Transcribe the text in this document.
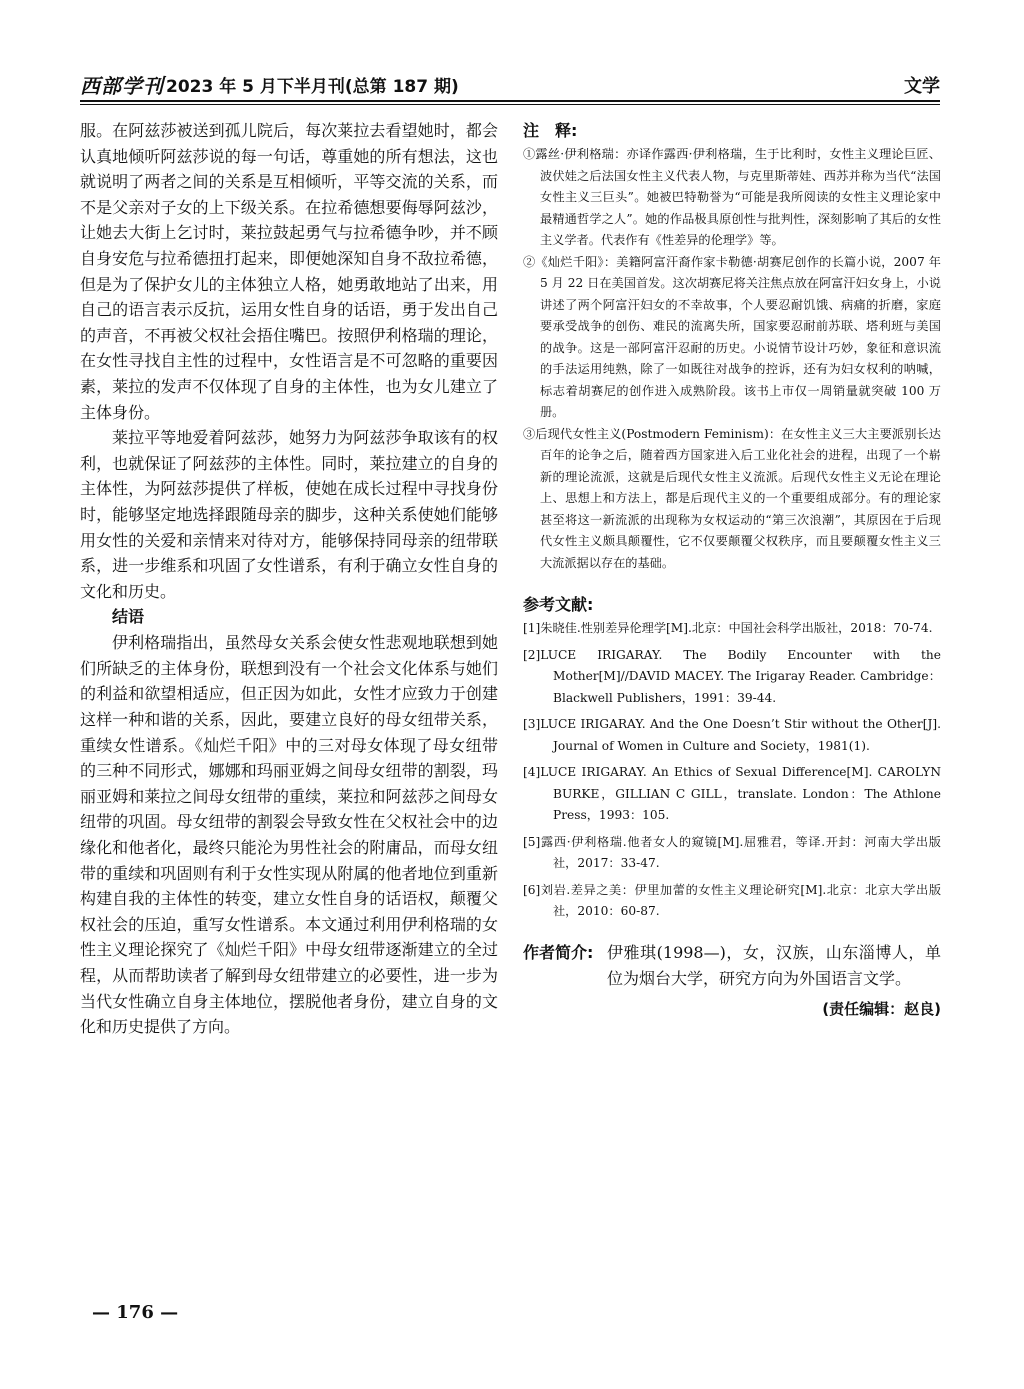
西部学刊 2023 年 5 月下半月刊(总第 187 期)	文学

服。在阿兹莎被送到孤儿院后，每次莱拉去看望她时，都会认真地倾听阿兹莎说的每一句话，尊重她的所有想法，这也就说明了两者之间的关系是互相倾听，平等交流的关系，而不是父亲对子女的上下级关系。在拉希德想要侮辱阿兹沙，让她去大街上乞讨时，莱拉鼓起勇气与拉希德争吵，并不顾自身安危与拉希德扭打起来，即便她深知自身不敌拉希德，但是为了保护女儿的主体独立人格，她勇敢地站了出来，用自己的语言表示反抗，运用女性自身的话语，勇于发出自己的声音，不再被父权社会捂住嘴巴。按照伊利格瑞的理论，在女性寻找自主性的过程中，女性语言是不可忽略的重要因素，莱拉的发声不仅体现了自身的主体性，也为女儿建立了主体身份。

莱拉平等地爱着阿兹莎，她努力为阿兹莎争取该有的权利，也就保证了阿兹莎的主体性。同时，莱拉建立的自身的主体性，为阿兹莎提供了样板，使她在成长过程中寻找身份时，能够坚定地选择跟随母亲的脚步，这种关系使她们能够用女性的关爱和亲情来对待对方，能够保持同母亲的纽带联系，进一步维系和巩固了女性谱系，有利于确立女性自身的文化和历史。

结语

伊利格瑞指出，虽然母女关系会使女性悲观地联想到她们所缺乏的主体身份，联想到没有一个社会文化体系与她们的利益和欲望相适应，但正因为如此，女性才应致力于创建这样一种和谐的关系，因此，要建立良好的母女纽带关系，重续女性谱系。《灿烂千阳》中的三对母女体现了母女纽带的三种不同形式，娜娜和玛丽亚姆之间母女纽带的割裂，玛丽亚姆和莱拉之间母女纽带的重续，莱拉和阿兹莎之间母女纽带的巩固。母女纽带的割裂会导致女性在父权社会中的边缘化和他者化，最终只能沦为男性社会的附庸品，而母女纽带的重续和巩固则有利于女性实现从附属的他者地位到重新构建自我的主体性的转变，建立女性自身的话语权，颠覆父权社会的压迫，重写女性谱系。本文通过利用伊利格瑞的女性主义理论探究了《灿烂千阳》中母女纽带逐渐建立的全过程，从而帮助读者了解到母女纽带建立的必要性，进一步为当代女性确立自身主体地位，摆脱他者身份，建立自身的文化和历史提供了方向。

注　释:

①露丝·伊利格瑞：亦译作露西·伊利格瑞，生于比利时，女性主义理论巨匠、波伏娃之后法国女性主义代表人物，与克里斯蒂娃、西苏并称为当代“法国女性主义三巨头”。她被巴特勒誉为“可能是我所阅读的女性主义理论家中最精通哲学之人”。她的作品极具原创性与批判性，深刻影响了其后的女性主义学者。代表作有《性差异的伦理学》等。

②《灿烂千阳》：美籍阿富汗裔作家卡勒德·胡赛尼创作的长篇小说，2007 年 5 月 22 日在美国首发。这次胡赛尼将关注焦点放在阿富汗妇女身上，小说讲述了两个阿富汗妇女的不幸故事，个人要忍耐饥饿、病痛的折磨，家庭要承受战争的创伤、难民的流离失所，国家要忍耐前苏联、塔利班与美国的战争。这是一部阿富汗忍耐的历史。小说情节设计巧妙，象征和意识流的手法运用纯熟，除了一如既往对战争的控诉，还有为妇女权利的呐喊，标志着胡赛尼的创作进入成熟阶段。该书上市仅一周销量就突破 100 万册。

③后现代女性主义(Postmodern Feminism)：在女性主义三大主要派别长达百年的论争之后，随着西方国家进入后工业化社会的进程，出现了一个崭新的理论流派，这就是后现代女性主义流派。后现代女性主义无论在理论上、思想上和方法上，都是后现代主义的一个重要组成部分。有的理论家甚至将这一新流派的出现称为女权运动的“第三次浪潮”，其原因在于后现代女性主义颇具颠覆性，它不仅要颠覆父权秩序，而且要颠覆女性主义三大流派据以存在的基础。

参考文献:

[1]朱晓佳.性别差异伦理学[M].北京：中国社会科学出版社，2018：70-74.

[2]LUCE IRIGARAY. The Bodily Encounter with the Mother[M]//DAVID MACEY. The Irigaray Reader. Cambridge：Blackwell Publishers，1991：39-44.

[3]LUCE IRIGARAY. And the One Doesn’t Stir without the Other[J]. Journal of Women in Culture and Society，1981(1).

[4]LUCE IRIGARAY. An Ethics of Sexual Difference[M]. CAROLYN BURKE，GILLIAN C GILL，translate. London：The Athlone Press，1993：105.

[5]露西·伊利格瑞.他者女人的窥镜[M].屈雅君，等译.开封：河南大学出版社，2017：33-47.

[6]刘岩.差异之美：伊里加蕾的女性主义理论研究[M].北京：北京大学出版社，2010：60-87.

作者简介: 伊雅琪(1998—)，女，汉族，山东淄博人，单位为烟台大学，研究方向为外国语言文学。
(责任编辑：赵良)
— 176 —
